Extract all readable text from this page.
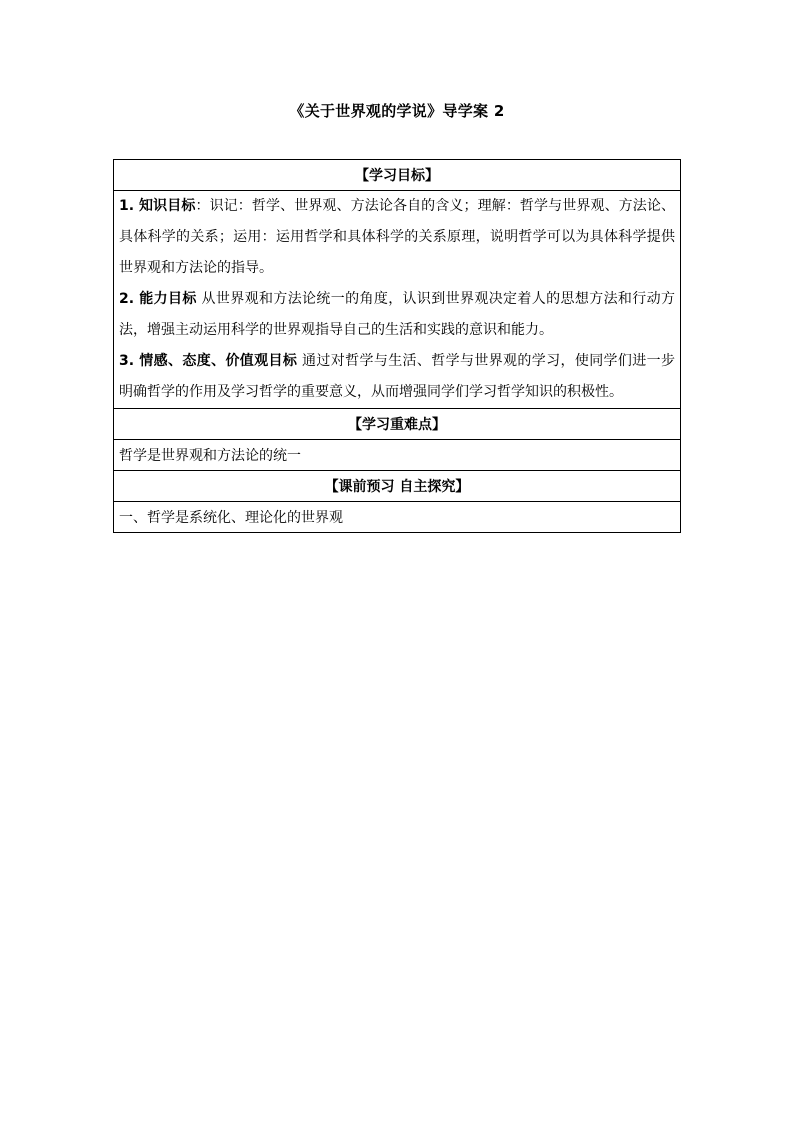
《关于世界观的学说》导学案 2
【学习目标】

1. 知识目标：识记：哲学、世界观、方法论各自的含义；理解：哲学与世界观、方法论、具体科学的关系；运用：运用哲学和具体科学的关系原理，说明哲学可以为具体科学提供世界观和方法论的指导。
2. 能力目标 从世界观和方法论统一的角度，认识到世界观决定着人的思想方法和行动方法，增强主动运用科学的世界观指导自己的生活和实践的意识和能力。
3. 情感、态度、价值观目标 通过对哲学与生活、哲学与世界观的学习，使同学们进一步明确哲学的作用及学习哲学的重要意义，从而增强同学们学习哲学知识的积极性。

【学习重难点】
哲学是世界观和方法论的统一
【课前预习 自主探究】
一、哲学是系统化、理论化的世界观
